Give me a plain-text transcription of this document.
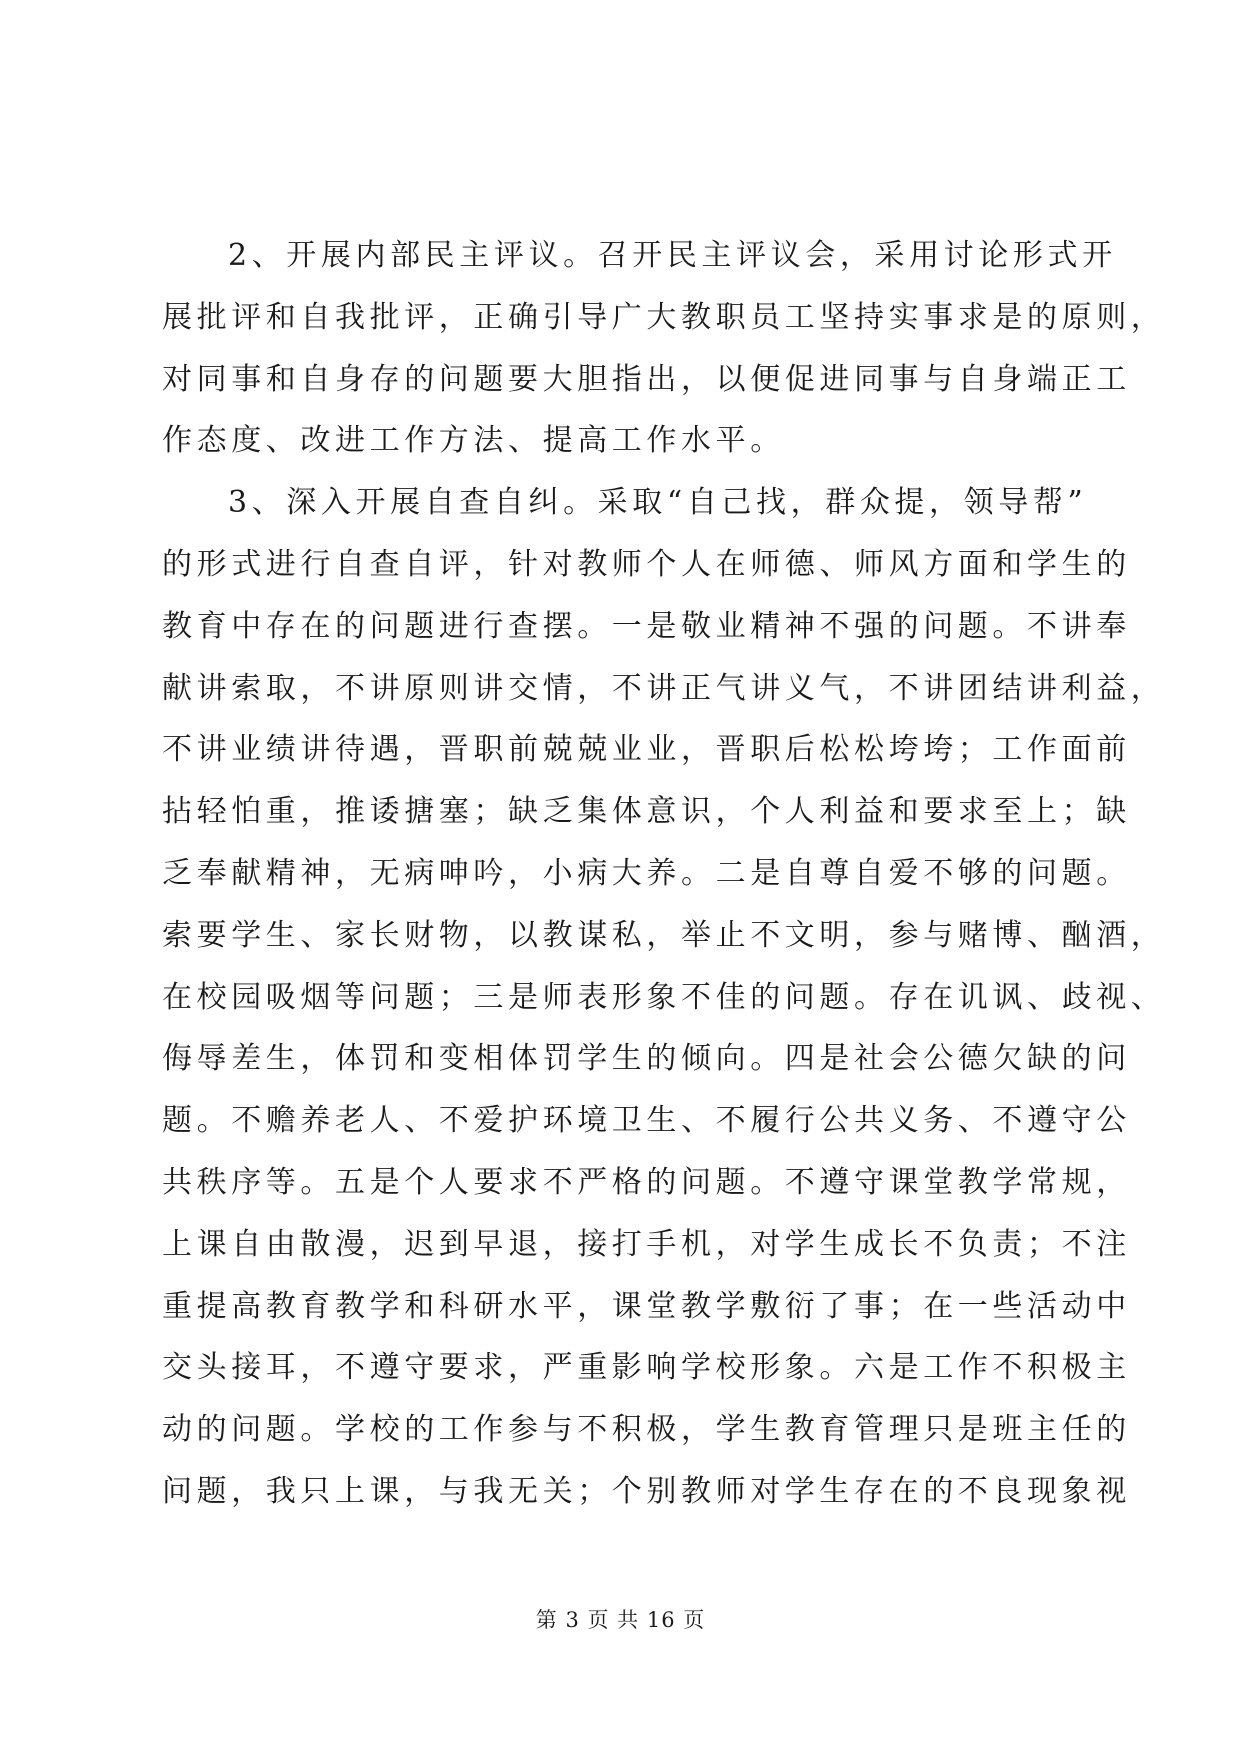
2、开展内部民主评议。召开民主评议会，采用讨论形式开
展批评和自我批评，正确引导广大教职员工坚持实事求是的原则，
对同事和自身存的问题要大胆指出，以便促进同事与自身端正工
作态度、改进工作方法、提高工作水平。
3、深入开展自查自纠。采取“自己找，群众提，领导帮”
的形式进行自查自评，针对教师个人在师德、师风方面和学生的
教育中存在的问题进行查摆。一是敬业精神不强的问题。不讲奉
献讲索取，不讲原则讲交情，不讲正气讲义气，不讲团结讲利益，
不讲业绩讲待遇，晋职前兢兢业业，晋职后松松垮垮；工作面前
拈轻怕重，推诿搪塞；缺乏集体意识，个人利益和要求至上；缺
乏奉献精神，无病呻吟，小病大养。二是自尊自爱不够的问题。
索要学生、家长财物，以教谋私，举止不文明，参与赌博、酗酒，
在校园吸烟等问题；三是师表形象不佳的问题。存在讥讽、歧视、
侮辱差生，体罚和变相体罚学生的倾向。四是社会公德欠缺的问
题。不赡养老人、不爱护环境卫生、不履行公共义务、不遵守公
共秩序等。五是个人要求不严格的问题。不遵守课堂教学常规，
上课自由散漫，迟到早退，接打手机，对学生成长不负责；不注
重提高教育教学和科研水平，课堂教学敷衍了事；在一些活动中
交头接耳，不遵守要求，严重影响学校形象。六是工作不积极主
动的问题。学校的工作参与不积极，学生教育管理只是班主任的
问题，我只上课，与我无关；个别教师对学生存在的不良现象视
第 3 页 共 16 页
